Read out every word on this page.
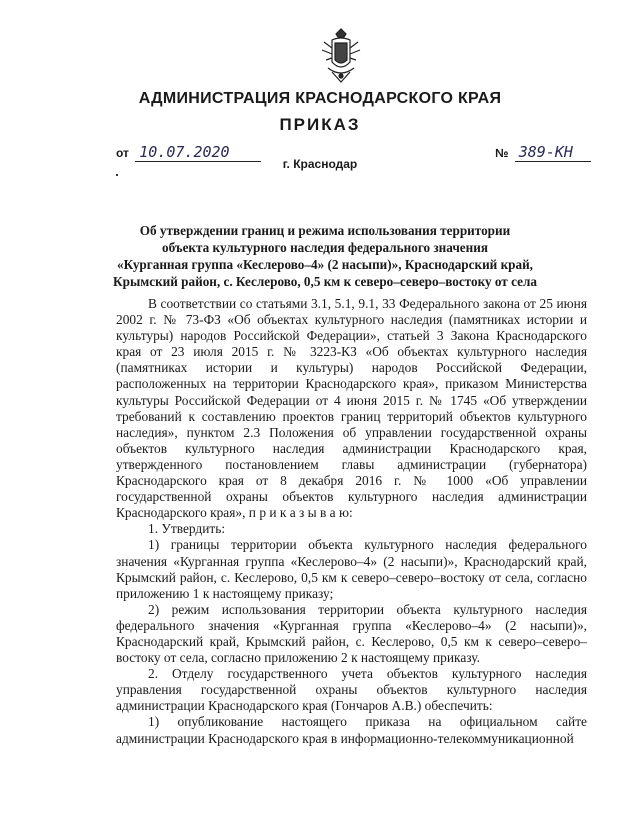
АДМИНИСТРАЦИЯ КРАСНОДАРСКОГО КРАЯ
ПРИКАЗ
от 10.07.2020	№ 389-КН
г. Краснодар
Об утверждении границ и режима использования территории
объекта культурного наследия федерального значения
«Курганная группа «Кеслерово–4» (2 насыпи)», Краснодарский край,
Крымский район, с. Кеслерово, 0,5 км к северо–северо–востоку от села

В соответствии со статьями 3.1, 5.1, 9.1, 33 Федерального закона от 25 июня 2002 г. № 73-ФЗ «Об объектах культурного наследия (памятниках истории и культуры) народов Российской Федерации», статьей 3 Закона Краснодарского края от 23 июля 2015 г. № 3223-КЗ «Об объектах культурного наследия (памятниках истории и культуры) народов Российской Федерации, расположенных на территории Краснодарского края», приказом Министерства культуры Российской Федерации от 4 июня 2015 г. № 1745 «Об утверждении требований к составлению проектов границ территорий объектов культурного наследия», пунктом 2.3 Положения об управлении государственной охраны объектов культурного наследия администрации Краснодарского края, утвержденного постановлением главы администрации (губернатора) Краснодарского края от 8 декабря 2016 г. № 1000 «Об управлении государственной охраны объектов культурного наследия администрации Краснодарского края», п р и к а з ы в а ю:

1. Утвердить:

1) границы территории объекта культурного наследия федерального значения «Курганная группа «Кеслерово–4» (2 насыпи)», Краснодарский край, Крымский район, с. Кеслерово, 0,5 км к северо–северо–востоку от села, согласно приложению 1 к настоящему приказу;

2) режим использования территории объекта культурного наследия федерального значения «Курганная группа «Кеслерово–4» (2 насыпи)», Краснодарский край, Крымский район, с. Кеслерово, 0,5 км к северо–северо–востоку от села, согласно приложению 2 к настоящему приказу.

2. Отделу государственного учета объектов культурного наследия управления государственной охраны объектов культурного наследия администрации Краснодарского края (Гончаров А.В.) обеспечить:

1) опубликование настоящего приказа на официальном сайте администрации Краснодарского края в информационно-телекоммуникационной
